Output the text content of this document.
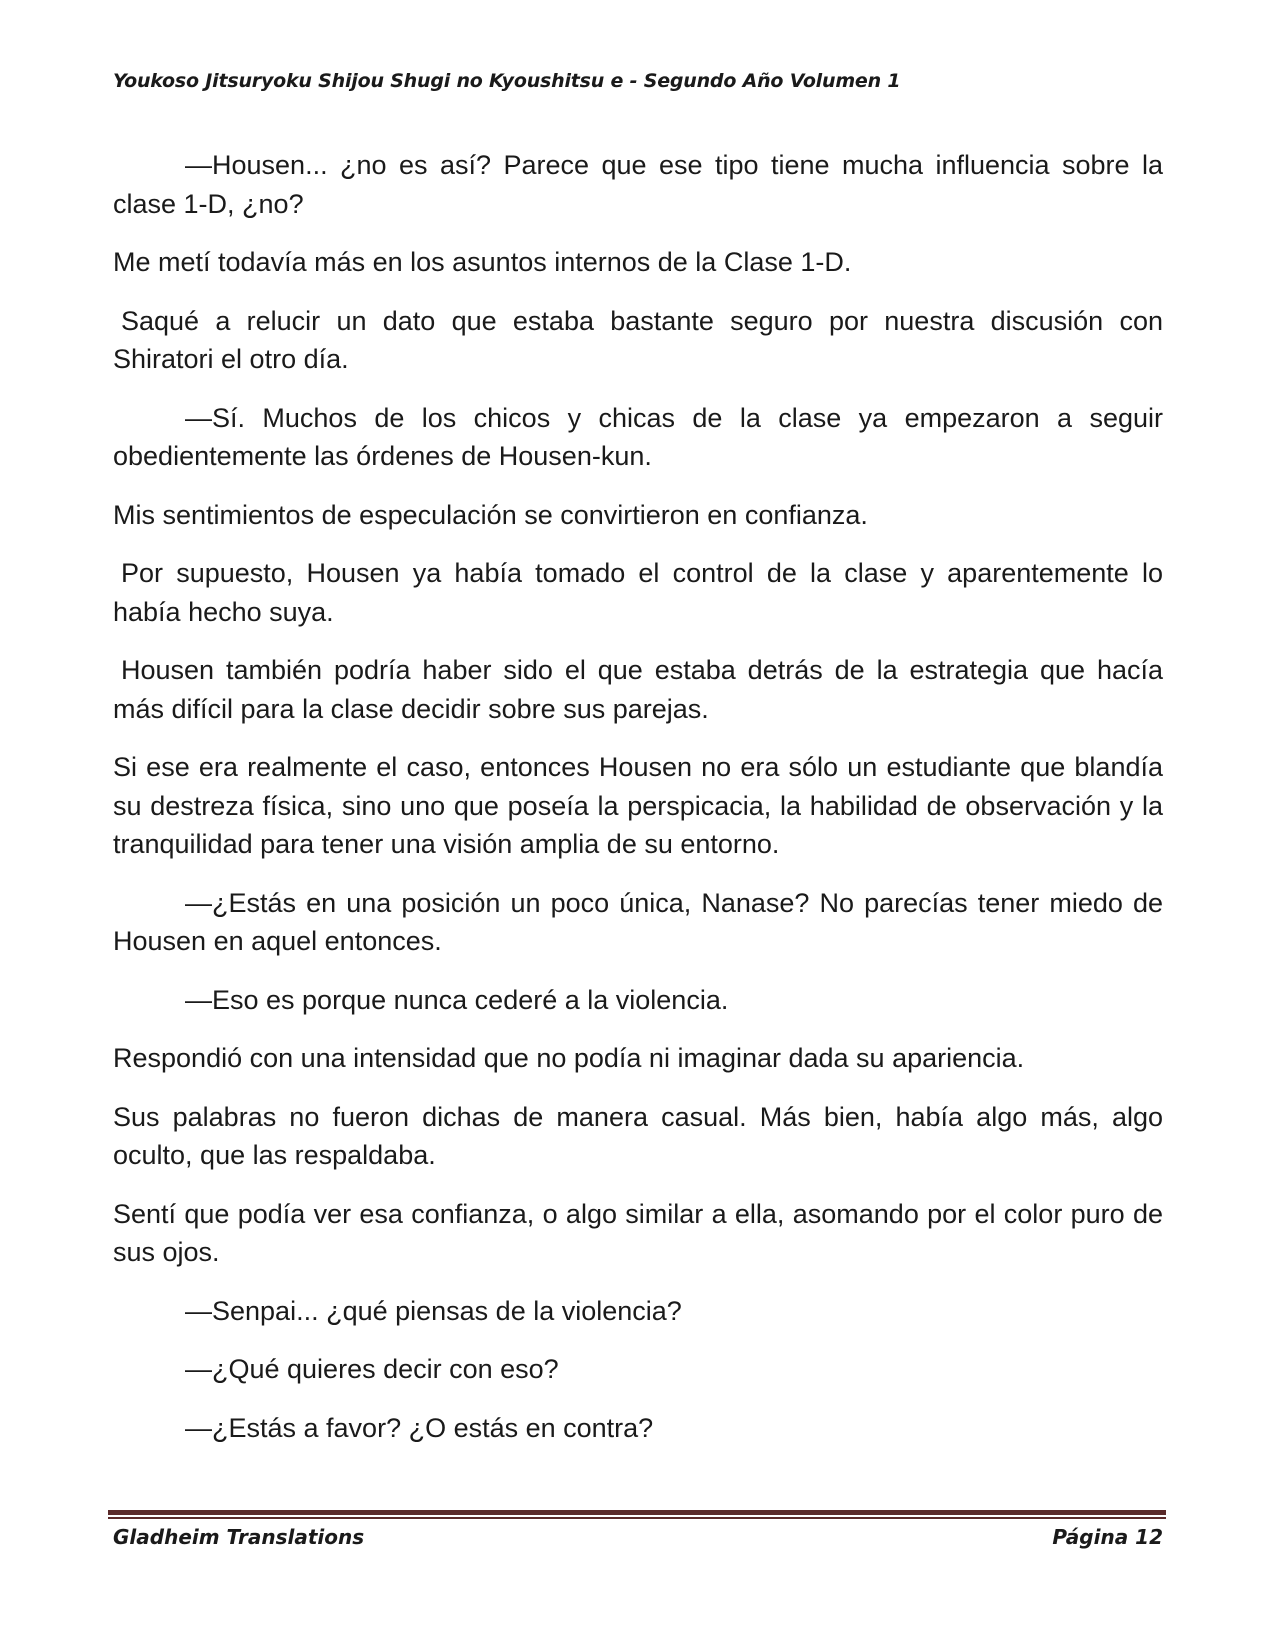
Youkoso Jitsuryoku Shijou Shugi no Kyoushitsu e - Segundo Año Volumen 1

—Housen... ¿no es así? Parece que ese tipo tiene mucha influencia sobre la clase 1-D, ¿no?

Me metí todavía más en los asuntos internos de la Clase 1-D.

Saqué a relucir un dato que estaba bastante seguro por nuestra discusión con Shiratori el otro día.

—Sí. Muchos de los chicos y chicas de la clase ya empezaron a seguir obedientemente las órdenes de Housen-kun.

Mis sentimientos de especulación se convirtieron en confianza.

Por supuesto, Housen ya había tomado el control de la clase y aparentemente lo había hecho suya.

Housen también podría haber sido el que estaba detrás de la estrategia que hacía más difícil para la clase decidir sobre sus parejas.

Si ese era realmente el caso, entonces Housen no era sólo un estudiante que blandía su destreza física, sino uno que poseía la perspicacia, la habilidad de observación y la tranquilidad para tener una visión amplia de su entorno.

—¿Estás en una posición un poco única, Nanase? No parecías tener miedo de Housen en aquel entonces.

—Eso es porque nunca cederé a la violencia.

Respondió con una intensidad que no podía ni imaginar dada su apariencia.

Sus palabras no fueron dichas de manera casual. Más bien, había algo más, algo oculto, que las respaldaba.

Sentí que podía ver esa confianza, o algo similar a ella, asomando por el color puro de sus ojos.

—Senpai... ¿qué piensas de la violencia?

—¿Qué quieres decir con eso?

—¿Estás a favor? ¿O estás en contra?

Gladheim Translations	Página 12
